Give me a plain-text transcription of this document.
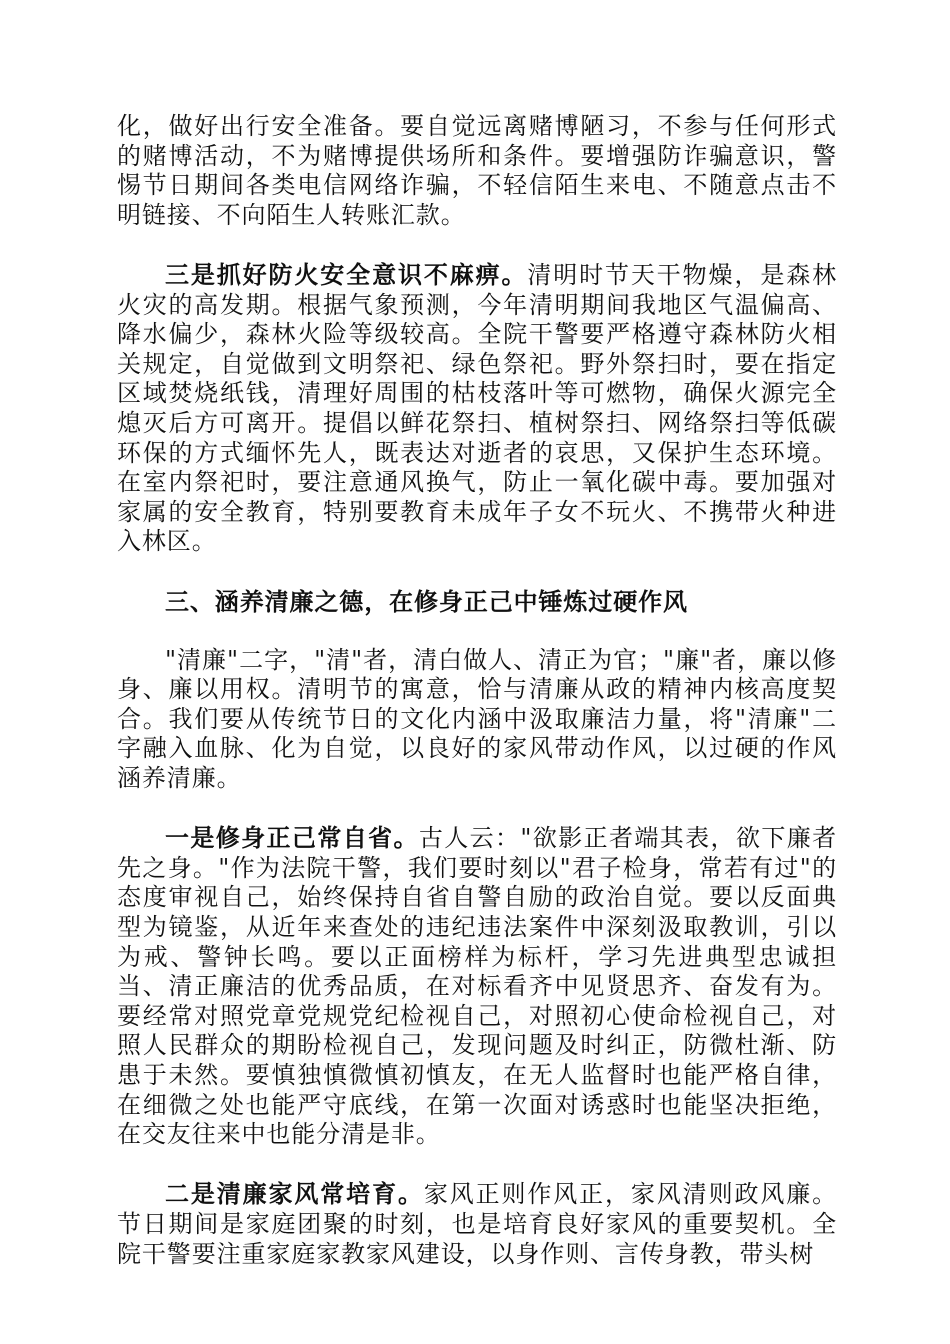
化，做好出行安全准备。要自觉远离赌博陋习，不参与任何形式的赌博活动，不为赌博提供场所和条件。要增强防诈骗意识，警惕节日期间各类电信网络诈骗，不轻信陌生来电、不随意点击不明链接、不向陌生人转账汇款。

三是抓好防火安全意识不麻痹。清明时节天干物燥，是森林火灾的高发期。根据气象预测，今年清明期间我地区气温偏高、降水偏少，森林火险等级较高。全院干警要严格遵守森林防火相关规定，自觉做到文明祭祀、绿色祭祀。野外祭扫时，要在指定区域焚烧纸钱，清理好周围的枯枝落叶等可燃物，确保火源完全熄灭后方可离开。提倡以鲜花祭扫、植树祭扫、网络祭扫等低碳环保的方式缅怀先人，既表达对逝者的哀思，又保护生态环境。在室内祭祀时，要注意通风换气，防止一氧化碳中毒。要加强对家属的安全教育，特别要教育未成年子女不玩火、不携带火种进入林区。

三、涵养清廉之德，在修身正己中锤炼过硬作风

"清廉"二字，"清"者，清白做人、清正为官；"廉"者，廉以修身、廉以用权。清明节的寓意，恰与清廉从政的精神内核高度契合。我们要从传统节日的文化内涵中汲取廉洁力量，将"清廉"二字融入血脉、化为自觉，以良好的家风带动作风，以过硬的作风涵养清廉。

一是修身正己常自省。古人云："欲影正者端其表，欲下廉者先之身。"作为法院干警，我们要时刻以"君子检身，常若有过"的态度审视自己，始终保持自省自警自励的政治自觉。要以反面典型为镜鉴，从近年来查处的违纪违法案件中深刻汲取教训，引以为戒、警钟长鸣。要以正面榜样为标杆，学习先进典型忠诚担当、清正廉洁的优秀品质，在对标看齐中见贤思齐、奋发有为。要经常对照党章党规党纪检视自己，对照初心使命检视自己，对照人民群众的期盼检视自己，发现问题及时纠正，防微杜渐、防患于未然。要慎独慎微慎初慎友，在无人监督时也能严格自律，在细微之处也能严守底线，在第一次面对诱惑时也能坚决拒绝，在交友往来中也能分清是非。

二是清廉家风常培育。家风正则作风正，家风清则政风廉。节日期间是家庭团聚的时刻，也是培育良好家风的重要契机。全院干警要注重家庭家教家风建设，以身作则、言传身教，带头树
